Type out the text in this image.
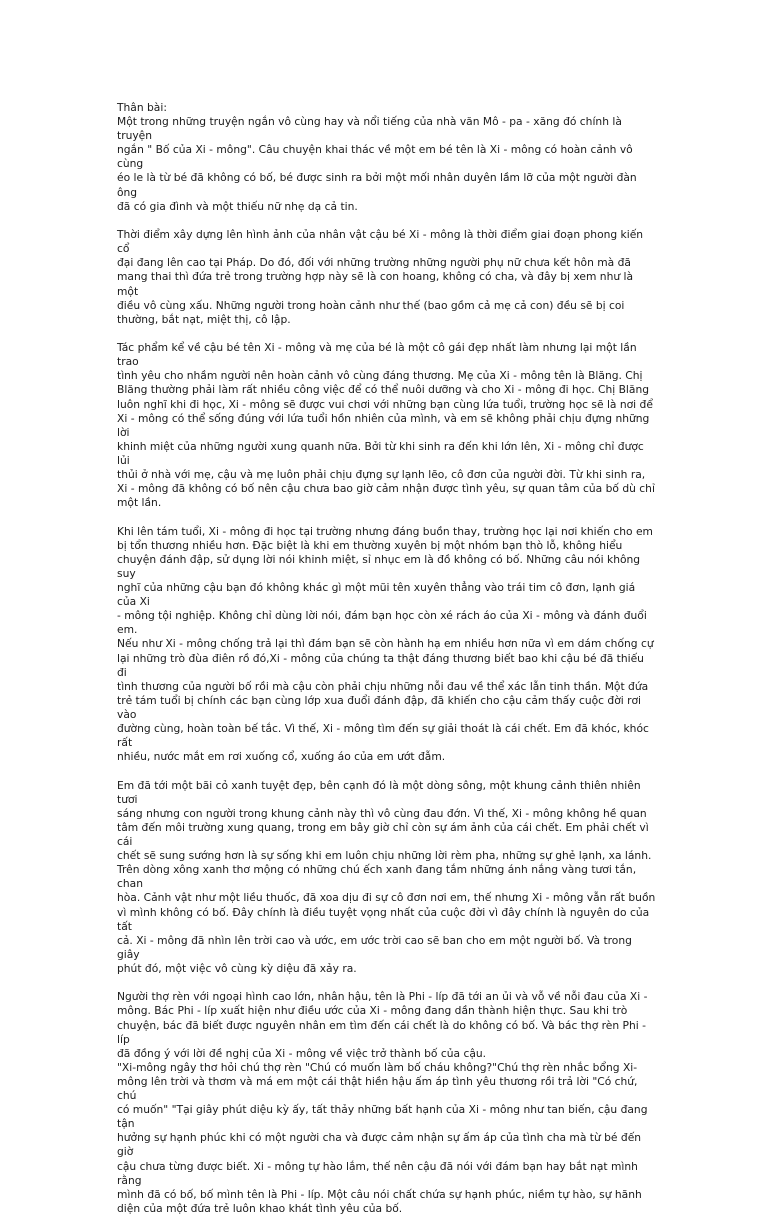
Thân bài:

Một trong những truyện ngắn vô cùng hay và nổi tiếng của nhà văn Mô - pa - xăng đó chính là truyện
ngắn " Bố của Xi - mông". Câu chuyện khai thác về một em bé tên là Xi - mông có hoàn cảnh vô cùng
éo le là từ bé đã không có bố, bé được sinh ra bởi một mối nhân duyên lầm lỡ của một người đàn ông
đã có gia đình và một thiếu nữ nhẹ dạ cả tin.

Thời điểm xây dựng lên hình ảnh của nhân vật cậu bé Xi - mông là thời điểm giai đoạn phong kiến cổ
đại đang lên cao tại Pháp. Do đó, đối với những trường những người phụ nữ chưa kết hôn mà đã
mang thai thì đứa trẻ trong trường hợp này sẽ là con hoang, không có cha, và đây bị xem như là một
điều vô cùng xấu. Những người trong hoàn cảnh như thế (bao gồm cả mẹ cả con) đều sẽ bị coi
thường, bắt nạt, miệt thị, cô lập.

Tác phẩm kể về cậu bé tên Xi - mông và mẹ của bé là một cô gái đẹp nhất làm nhưng lại một lần trao
tình yêu cho nhầm người nên hoàn cảnh vô cùng đáng thương. Mẹ của Xi - mông tên là Blăng. Chị
Blăng thường phải làm rất nhiều công việc để có thể nuôi dưỡng và cho Xi - mông đi học. Chị Blăng
luôn nghĩ khi đi học, Xi - mông sẽ được vui chơi với những bạn cùng lứa tuổi, trường học sẽ là nơi để
Xi - mông có thể sống đúng với lứa tuổi hồn nhiên của mình, và em sẽ không phải chịu đựng những lời
khinh miệt của những người xung quanh nữa. Bởi từ khi sinh ra đến khi lớn lên, Xi - mông chỉ được lủi
thủi ở nhà với mẹ, cậu và mẹ luôn phải chịu đựng sự lạnh lẽo, cô đơn của người đời. Từ khi sinh ra,
Xi - mông đã không có bố nên cậu chưa bao giờ cảm nhận được tình yêu, sự quan tâm của bố dù chỉ
một lần.

Khi lên tám tuổi, Xi - mông đi học tại trường nhưng đáng buồn thay, trường học lại nơi khiến cho em
bị tổn thương nhiều hơn. Đặc biệt là khi em thường xuyên bị một nhóm bạn thò lỗ, không hiểu
chuyện đánh đập, sử dụng lời nói khinh miệt, sỉ nhục em là đồ không có bố. Những câu nói không suy
nghĩ của những cậu bạn đó không khác gì một mũi tên xuyên thẳng vào trái tim cô đơn, lạnh giá của Xi
- mông tội nghiệp. Không chỉ dùng lời nói, đám bạn học còn xé rách áo của Xi - mông và đánh đuổi em.
Nếu như Xi - mông chống trả lại thì đám bạn sẽ còn hành hạ em nhiều hơn nữa vì em dám chống cự
lại những trò đùa điên rồ đó,Xi - mông của chúng ta thật đáng thương biết bao khi cậu bé đã thiếu đi
tình thương của người bố rồi mà cậu còn phải chịu những nỗi đau về thể xác lẫn tinh thần. Một đứa
trẻ tám tuổi bị chính các bạn cùng lớp xua đuổi đánh đập, đã khiến cho cậu cảm thấy cuộc đời rơi vào
đường cùng, hoàn toàn bế tắc. Vì thế, Xi - mông tìm đến sự giải thoát là cái chết. Em đã khóc, khóc rất
nhiều, nước mắt em rơi xuống cổ, xuống áo của em ướt đẫm.

Em đã tới một bãi cỏ xanh tuyệt đẹp, bên cạnh đó là một dòng sông, một khung cảnh thiên nhiên tươi
sáng nhưng con người trong khung cảnh này thì vô cùng đau đớn. Vì thế, Xi - mông không hề quan
tâm đến môi trường xung quang, trong em bây giờ chỉ còn sự ám ảnh của cái chết. Em phải chết vì cái
chết sẽ sung sướng hơn là sự sống khi em luôn chịu những lời rèm pha, những sự ghẻ lạnh, xa lánh.
Trên dòng xông xanh thơ mộng có những chú ếch xanh đang tắm những ánh nắng vàng tươi tắn, chan
hòa. Cảnh vật như một liều thuốc, đã xoa dịu đi sự cô đơn nơi em, thế nhưng Xi - mông vẫn rất buồn
vì mình không có bố. Đây chính là điều tuyệt vọng nhất của cuộc đời vì đây chính là nguyên do của tất
cả. Xi - mông đã nhìn lên trời cao và ước, em ước trời cao sẽ ban cho em một người bố. Và trong giây
phút đó, một việc vô cùng kỳ diệu đã xảy ra.

Người thợ rèn với ngoại hình cao lớn, nhân hậu, tên là Phi - líp đã tới an ủi và vỗ về nỗi đau của Xi -
mông. Bác Phi - líp xuất hiện như điều ước của Xi - mông đang dần thành hiện thực. Sau khi trò
chuyện, bác đã biết được nguyên nhân em tìm đến cái chết là do không có bố. Và bác thợ rèn Phi - líp
đã đồng ý với lời đề nghị của Xi - mông về việc trở thành bố của cậu.
"Xi-mông ngây thơ hỏi chú thợ rèn "Chú có muốn làm bố cháu không?"Chú thợ rèn nhắc bổng Xi-
mông lên trời và thơm và má em một cái thật hiền hậu ấm áp tình yêu thương rồi trả lời "Có chứ, chú
có muốn" "Tại giây phút diệu kỳ ấy, tất thảy những bất hạnh của Xi - mông như tan biến, cậu đang tận
hưởng sự hạnh phúc khi có một người cha và được cảm nhận sự ấm áp của tình cha mà từ bé đến giờ
cậu chưa từng được biết. Xi - mông tự hào lắm, thế nên cậu đã nói với đám bạn hay bắt nạt mình rằng
mình đã có bố, bố mình tên là Phi - líp. Một câu nói chất chứa sự hạnh phúc, niềm tự hào, sự hãnh
diện của một đứa trẻ luôn khao khát tình yêu của bố.
